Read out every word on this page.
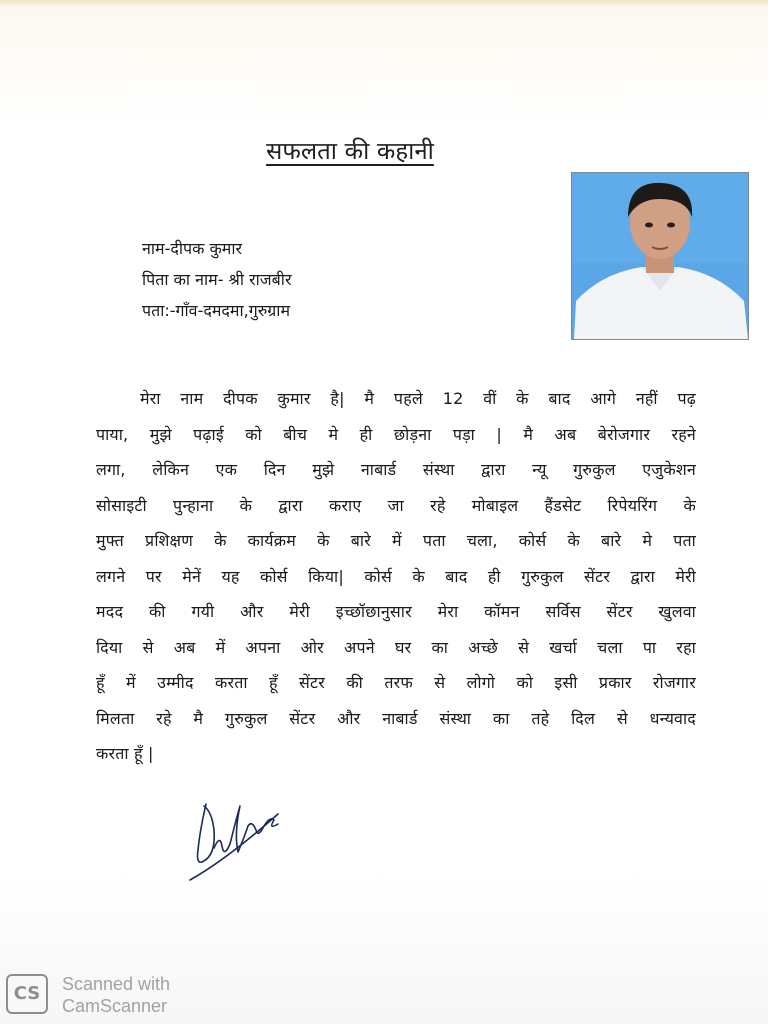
सफलता की कहानी
नाम-दीपक कुमार
पिता का नाम- श्री राजबीर
पता:-गाँव-दमदमा,गुरुग्राम
मेरा नाम दीपक कुमार है| मै पहले 12 वीं के बाद आगे नहीं पढ़
पाया, मुझे पढ़ाई को बीच मे ही छोड़ना पड़ा | मै अब बेरोजगार रहने
लगा, लेकिन एक दिन मुझे नाबार्ड संस्था द्वारा न्यू गुरुकुल एजुकेशन
सोसाइटी पुन्हाना के द्वारा कराए जा रहे मोबाइल हैंडसेट रिपेयरिंग के
मुफ्त प्रशिक्षण के कार्यक्रम के बारे में पता चला, कोर्स के बारे मे पता
लगने पर मेनें यह कोर्स किया| कोर्स के बाद ही गुरुकुल सेंटर द्वारा मेरी
मदद की गयी और मेरी इच्छॉछानुसार मेरा कॉमन सर्विस सेंटर खुलवा
दिया से अब में अपना ओर अपने घर का अच्छे से खर्चा चला पा रहा
हूँ में उम्मीद करता हूँ सेंटर की तरफ से लोगो को इसी प्रकार रोजगार
मिलता रहे मै गुरुकुल सेंटर और नाबार्ड संस्था का तहे दिल से धन्यवाद
करता हूँ |
CS	Scanned with
CamScanner
